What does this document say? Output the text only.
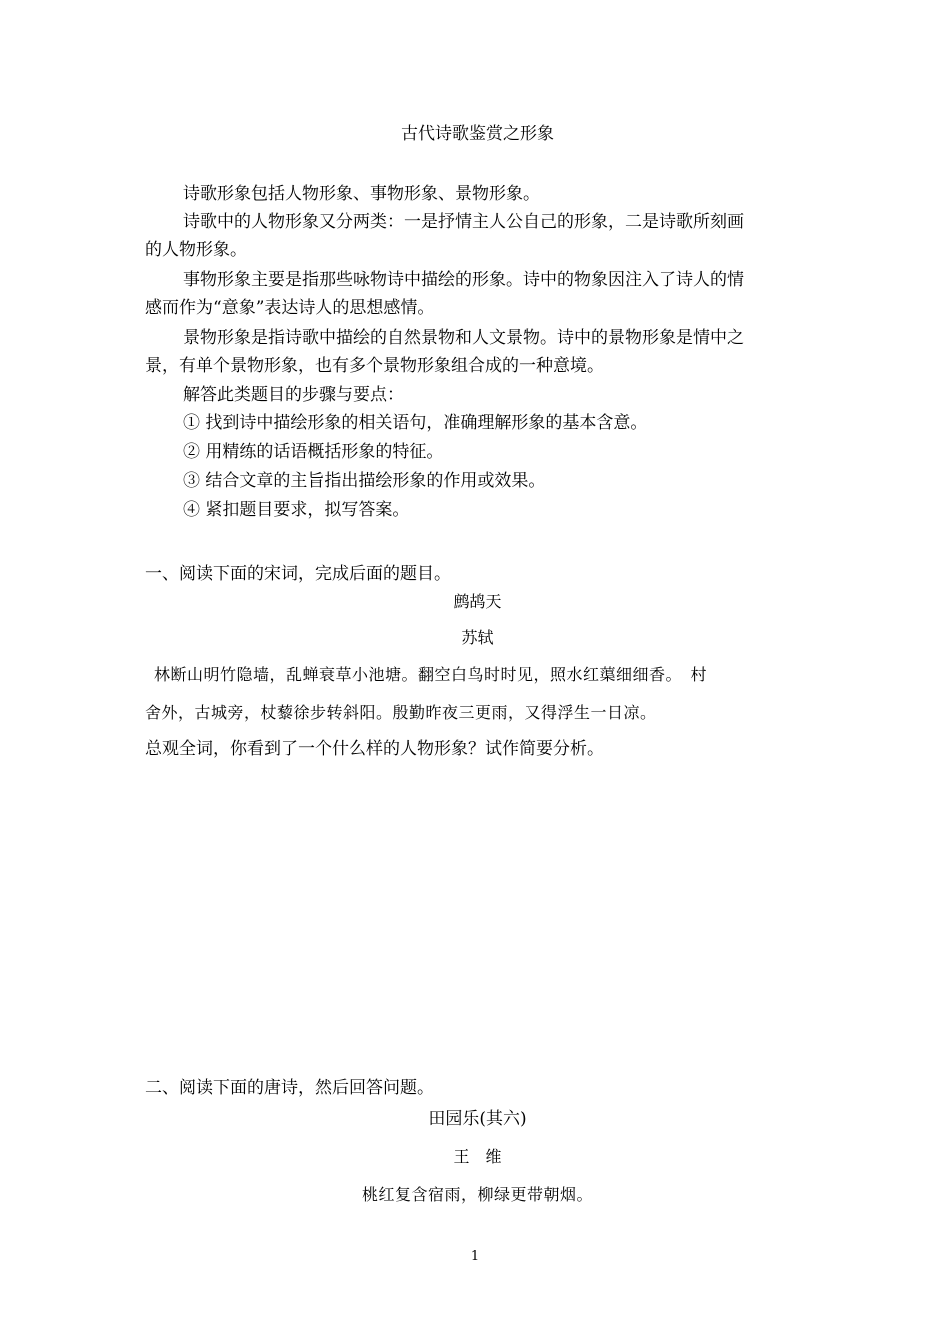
古代诗歌鉴赏之形象
诗歌形象包括人物形象、事物形象、景物形象。
诗歌中的人物形象又分两类：一是抒情主人公自己的形象，二是诗歌所刻画
的人物形象。
事物形象主要是指那些咏物诗中描绘的形象。诗中的物象因注入了诗人的情
感而作为“意象”表达诗人的思想感情。
景物形象是指诗歌中描绘的自然景物和人文景物。诗中的景物形象是情中之
景，有单个景物形象，也有多个景物形象组合成的一种意境。
解答此类题目的步骤与要点：
① 找到诗中描绘形象的相关语句，准确理解形象的基本含意。
② 用精练的话语概括形象的特征。
③ 结合文章的主旨指出描绘形象的作用或效果。
④ 紧扣题目要求，拟写答案。
一、阅读下面的宋词，完成后面的题目。
鹧鸪天
苏轼
林断山明竹隐墙，乱蝉衰草小池塘。翻空白鸟时时见，照水红蕖细细香。　村
舍外，古城旁，杖藜徐步转斜阳。殷勤昨夜三更雨，又得浮生一日凉。
总观全词，你看到了一个什么样的人物形象？试作简要分析。
二、阅读下面的唐诗，然后回答问题。
田园乐(其六)
王　维
桃红复含宿雨，柳绿更带朝烟。
1
